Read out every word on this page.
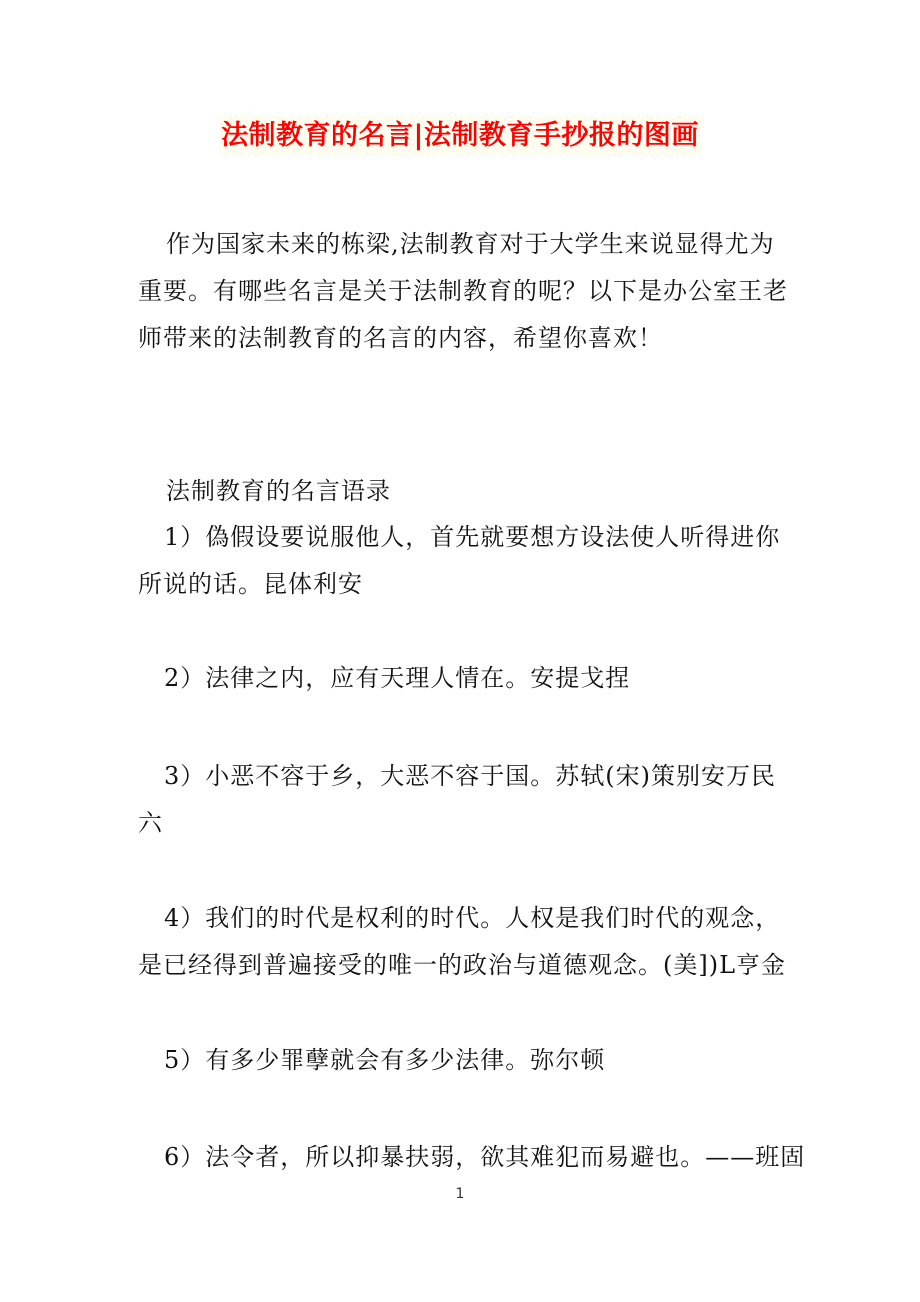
法制教育的名言|法制教育手抄报的图画

作为国家未来的栋梁,法制教育对于大学生来说显得尤为
重要。有哪些名言是关于法制教育的呢？以下是办公室王老
师带来的法制教育的名言的内容，希望你喜欢！

法制教育的名言语录
1）偽假设要说服他人，首先就要想方设法使人听得进你
所说的话。昆体利安
2）法律之内，应有天理人情在。安提戈捏
3）小恶不容于乡，大恶不容于国。苏轼(宋)策别安万民
六
4）我们的时代是权利的时代。人权是我们时代的观念，
是已经得到普遍接受的唯一的政治与道德观念。(美])L亨金
5）有多少罪孽就会有多少法律。弥尔顿
6）法令者，所以抑暴扶弱，欲其难犯而易避也。——班固
1
